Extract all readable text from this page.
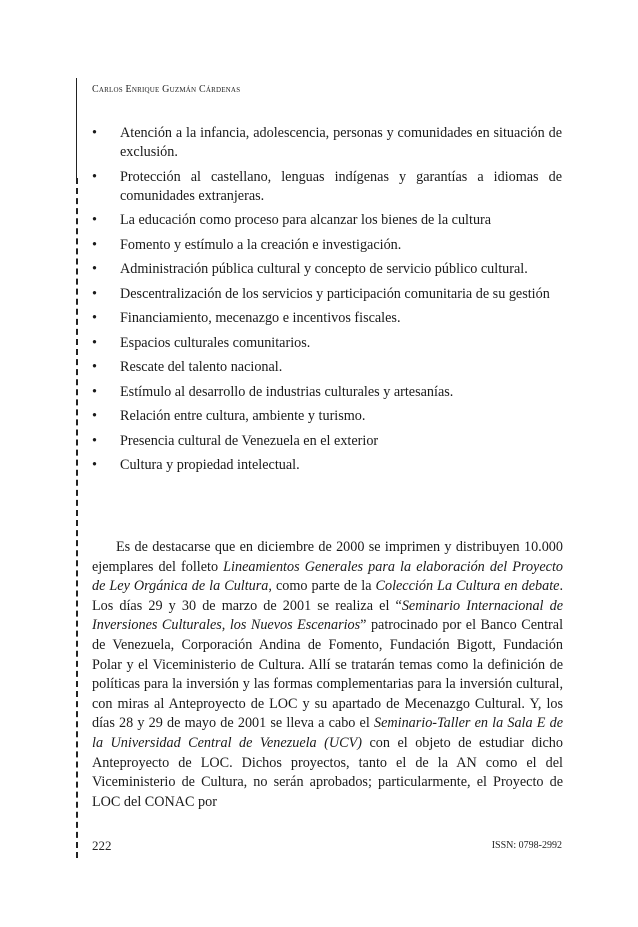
Carlos Enrique Guzmán Cárdenas
• Atención a la infancia, adolescencia, personas y comunidades en situación de exclusión.
• Protección al castellano, lenguas indígenas y garantías a idiomas de comunidades extranjeras.
• La educación como proceso para alcanzar los bienes de la cultura
• Fomento y estímulo a la creación e investigación.
• Administración pública cultural y concepto de servicio público cultural.
• Descentralización de los servicios y participación comunitaria de su gestión
• Financiamiento, mecenazgo e incentivos fiscales.
• Espacios culturales comunitarios.
• Rescate del talento nacional.
• Estímulo al desarrollo de industrias culturales y artesanías.
• Relación entre cultura, ambiente y turismo.
• Presencia cultural de Venezuela en el exterior
• Cultura y propiedad intelectual.

Es de destacarse que en diciembre de 2000 se imprimen y distribuyen 10.000 ejemplares del folleto Lineamientos Generales para la elaboración del Proyecto de Ley Orgánica de la Cultura, como parte de la Colección La Cultura en debate. Los días 29 y 30 de marzo de 2001 se realiza el “Seminario Internacional de Inversiones Culturales, los Nuevos Escenarios” patrocinado por el Banco Central de Venezuela, Corporación Andina de Fomento, Fundación Bigott, Fundación Polar y el Viceministerio de Cultura. Allí se tratarán temas como la definición de políticas para la inversión y las formas complementarias para la inversión cultural, con miras al Anteproyecto de LOC y su apartado de Mecenazgo Cultural. Y, los días 28 y 29 de mayo de 2001 se lleva a cabo el Seminario-Taller en la Sala E de la Universidad Central de Venezuela (UCV) con el objeto de estudiar dicho Anteproyecto de LOC. Dichos proyectos, tanto el de la AN como el del Viceministerio de Cultura, no serán aprobados; particularmente, el Proyecto de LOC del CONAC por

222	ISSN: 0798-2992
